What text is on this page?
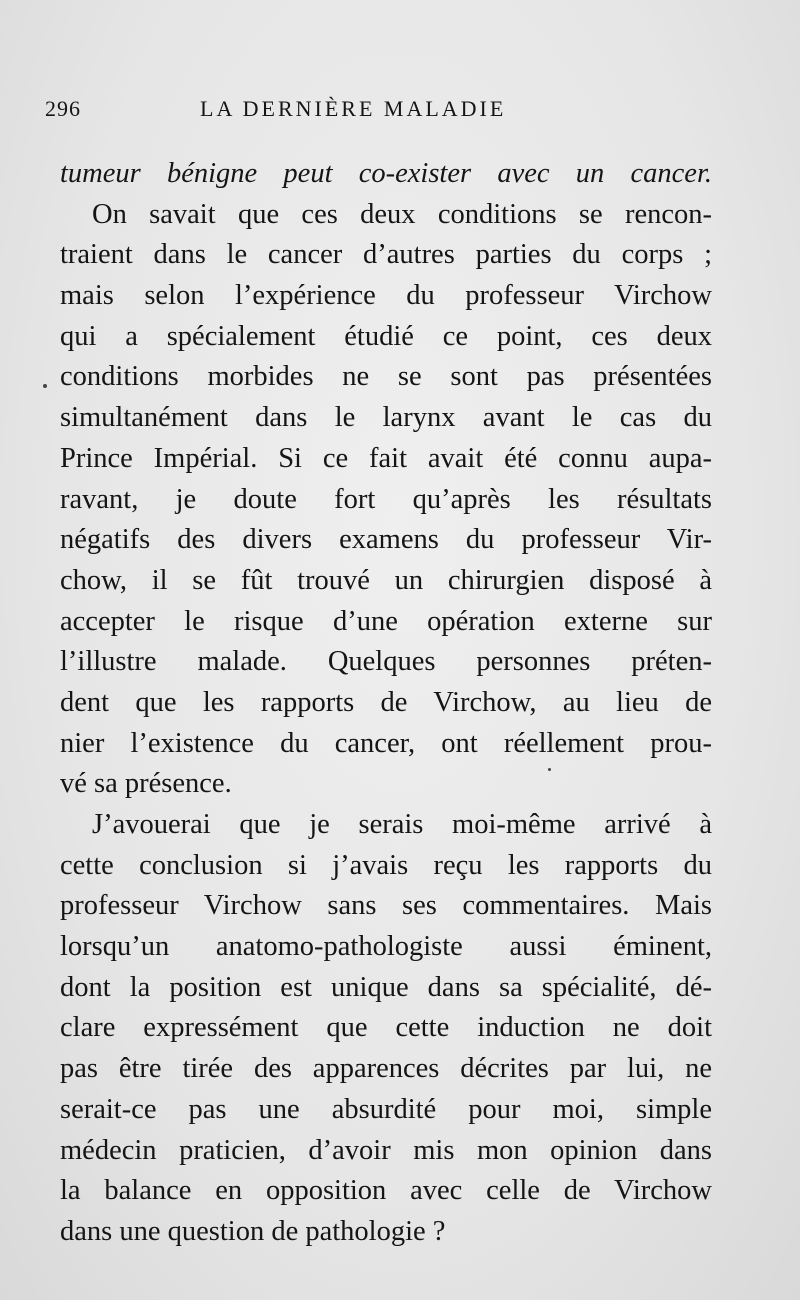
296	LA DERNIÈRE MALADIE
tumeur bénigne peut co-exister avec un cancer.
On savait que ces deux conditions se rencon-
traient dans le cancer d’autres parties du corps ;
mais selon l’expérience du professeur Virchow
qui a spécialement étudié ce point, ces deux
conditions morbides ne se sont pas présentées
simultanément dans le larynx avant le cas du
Prince Impérial. Si ce fait avait été connu aupa-
ravant, je doute fort qu’après les résultats
négatifs des divers examens du professeur Vir-
chow, il se fût trouvé un chirurgien disposé à
accepter le risque d’une opération externe sur
l’illustre malade. Quelques personnes préten-
dent que les rapports de Virchow, au lieu de
nier l’existence du cancer, ont réellement prou-
vé sa présence.
J’avouerai que je serais moi-même arrivé à
cette conclusion si j’avais reçu les rapports du
professeur Virchow sans ses commentaires. Mais
lorsqu’un anatomo-pathologiste aussi éminent,
dont la position est unique dans sa spécialité, dé-
clare expressément que cette induction ne doit
pas être tirée des apparences décrites par lui, ne
serait-ce pas une absurdité pour moi, simple
médecin praticien, d’avoir mis mon opinion dans
la balance en opposition avec celle de Virchow
dans une question de pathologie ?
